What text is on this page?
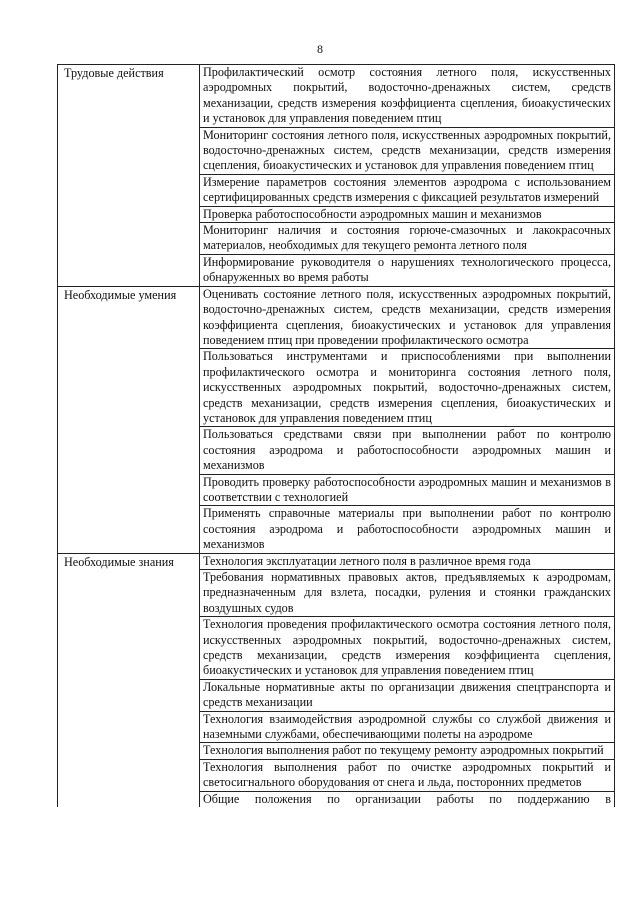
8
Трудовые действия	Профилактический осмотр состояния летного поля, искусственных аэродромных покрытий, водосточно-дренажных систем, средств механизации, средств измерения коэффициента сцепления, биоакустических и установок для управления поведением птиц
	Мониторинг состояния летного поля, искусственных аэродромных покрытий, водосточно-дренажных систем, средств механизации, средств измерения сцепления, биоакустических и установок для управления поведением птиц
	Измерение параметров состояния элементов аэродрома с использованием сертифицированных средств измерения с фиксацией результатов измерений
	Проверка работоспособности аэродромных машин и механизмов
	Мониторинг наличия и состояния горюче-смазочных и лакокрасочных материалов, необходимых для текущего ремонта летного поля
	Информирование руководителя о нарушениях технологического процесса, обнаруженных во время работы
Необходимые умения	Оценивать состояние летного поля, искусственных аэродромных покрытий, водосточно-дренажных систем, средств механизации, средств измерения коэффициента сцепления, биоакустических и установок для управления поведением птиц при проведении профилактического осмотра
	Пользоваться инструментами и приспособлениями при выполнении профилактического осмотра и мониторинга состояния летного поля, искусственных аэродромных покрытий, водосточно-дренажных систем, средств механизации, средств измерения сцепления, биоакустических и установок для управления поведением птиц
	Пользоваться средствами связи при выполнении работ по контролю состояния аэродрома и работоспособности аэродромных машин и механизмов
	Проводить проверку работоспособности аэродромных машин и механизмов в соответствии с технологией
	Применять справочные материалы при выполнении работ по контролю состояния аэродрома и работоспособности аэродромных машин и механизмов
Необходимые знания	Технология эксплуатации летного поля в различное время года
	Требования нормативных правовых актов, предъявляемых к аэродромам, предназначенным для взлета, посадки, руления и стоянки гражданских воздушных судов
	Технология проведения профилактического осмотра состояния летного поля, искусственных аэродромных покрытий, водосточно-дренажных систем, средств механизации, средств измерения коэффициента сцепления, биоакустических и установок для управления поведением птиц
	Локальные нормативные акты по организации движения спецтранспорта и средств механизации
	Технология взаимодействия аэродромной службы со службой движения и наземными службами, обеспечивающими полеты на аэродроме
	Технология выполнения работ по текущему ремонту аэродромных покрытий
	Технология выполнения работ по очистке аэродромных покрытий и светосигнального оборудования от снега и льда, посторонних предметов

	Общие положения по организации работы по поддержанию в
